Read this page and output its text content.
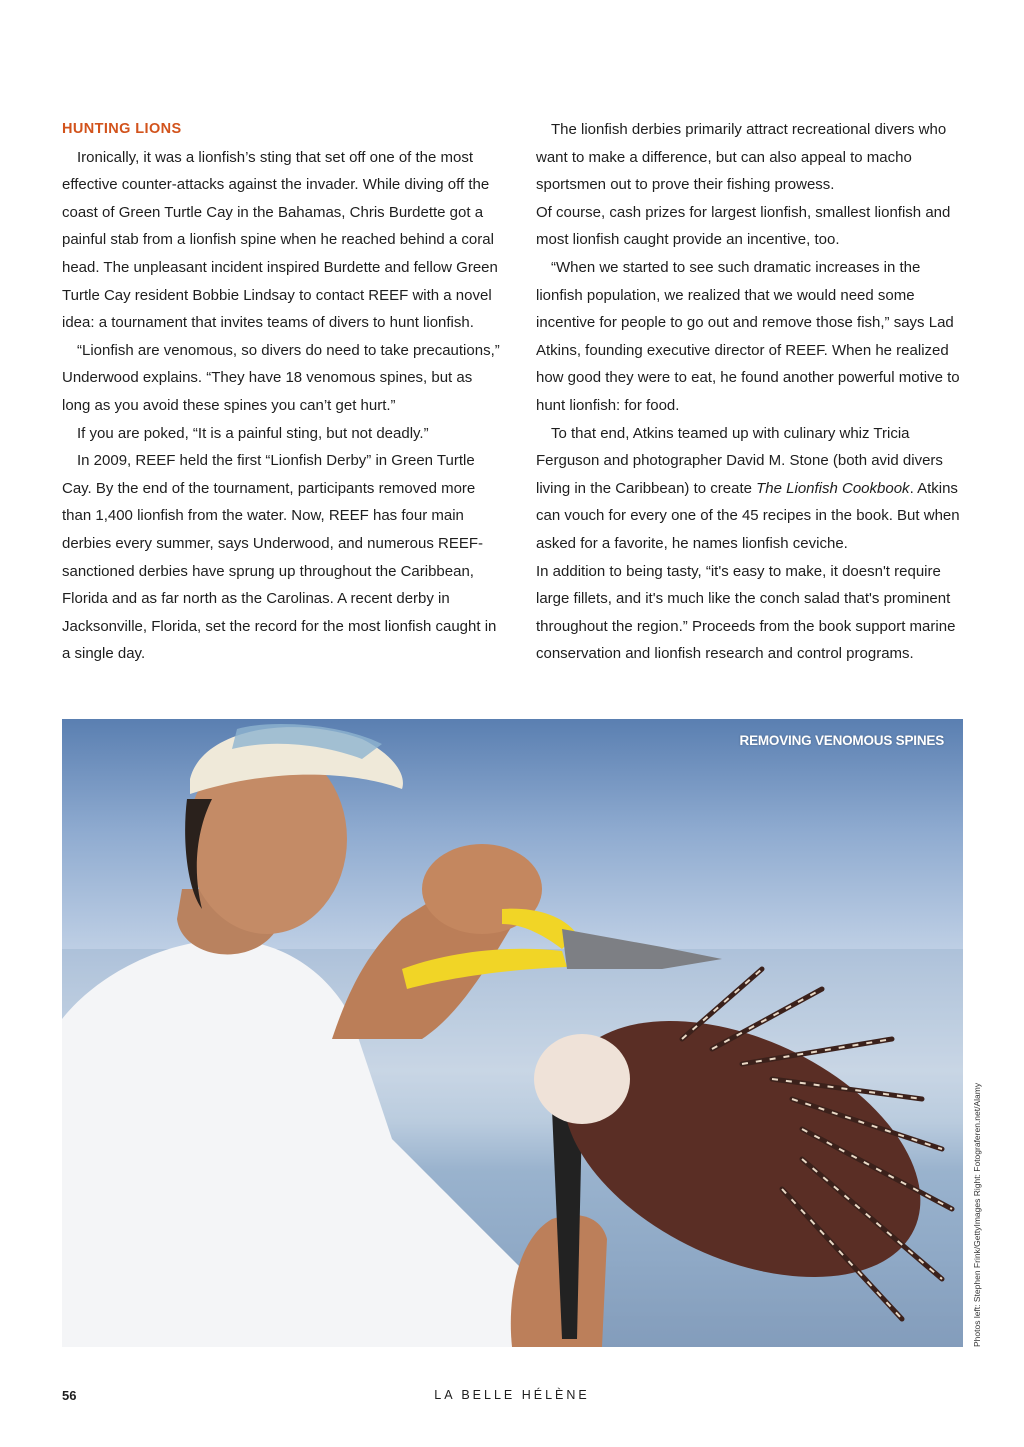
HUNTING LIONS

Ironically, it was a lionfish’s sting that set off one of the most effective counter-attacks against the invader. While diving off the coast of Green Turtle Cay in the Bahamas, Chris Burdette got a painful stab from a lionfish spine when he reached behind a coral head. The unpleasant incident inspired Burdette and fellow Green Turtle Cay resident Bobbie Lindsay to contact REEF with a novel idea: a tournament that invites teams of divers to hunt lionfish.

“Lionfish are venomous, so divers do need to take precautions,” Underwood explains. “They have 18 venomous spines, but as long as you avoid these spines you can’t get hurt.”

If you are poked, “It is a painful sting, but not deadly.”

In 2009, REEF held the first “Lionfish Derby” in Green Turtle Cay. By the end of the tournament, participants removed more than 1,400 lionfish from the water. Now, REEF has four main derbies every summer, says Underwood, and numerous REEF-sanctioned derbies have sprung up throughout the Caribbean, Florida and as far north as the Carolinas. A recent derby in Jacksonville, Florida, set the record for the most lionfish caught in a single day.

The lionfish derbies primarily attract recreational divers who want to make a difference, but can also appeal to macho sportsmen out to prove their fishing prowess.

Of course, cash prizes for largest lionfish, smallest lionfish and most lionfish caught provide an incentive, too.

“When we started to see such dramatic increases in the lionfish population, we realized that we would need some incentive for people to go out and remove those fish,” says Lad Atkins, founding executive director of REEF. When he realized how good they were to eat, he found another powerful motive to hunt lionfish: for food.

To that end, Atkins teamed up with culinary whiz Tricia Ferguson and photographer David M. Stone (both avid divers living in the Caribbean) to create The Lionfish Cookbook. Atkins can vouch for every one of the 45 recipes in the book. But when asked for a favorite, he names lionfish ceviche.

In addition to being tasty, “it's easy to make, it doesn't require large fillets, and it's much like the conch salad that's prominent throughout the region.” Proceeds from the book support marine conservation and lionfish research and control programs.

REMOVING VENOMOUS SPINES
Photos left: Stephen Frink/GettyImages Right: Fotograferen.net/Alamy
56	LA BELLE HÉLÈNE
